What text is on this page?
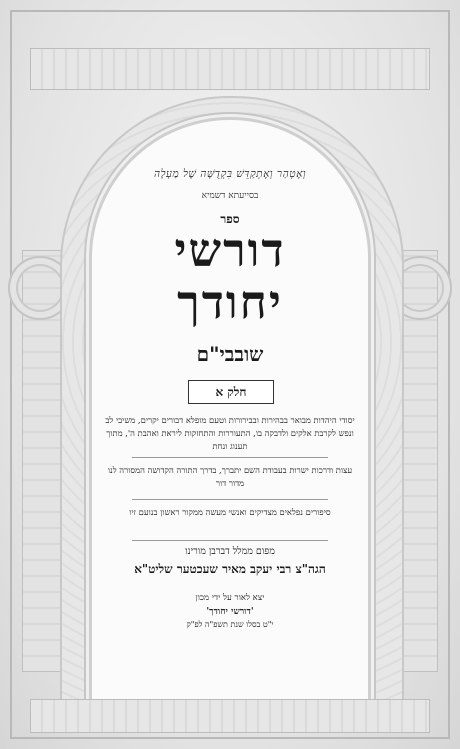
וְאֶטְהַר וְאֶתְקַדֵּשׁ בִּקְדֻשָּׁה שֶׁל מַעְלָה
בסייעתא דשמיא
ספר
דורשי
יחודך
שובבי"ם
חלק א
יסודי היהדות מבואר בבהירות ובבירורות וטעם מופלא דבורים יקרים, משיבי לב ונפש לקרבת אלקים ולדבקה בו, התעוררות והתחזקות ליראת ואהבת ה', מתוך תענוג ונחת
עצות ודרכות ישרות בעבודת השם יתברך, בדרך התורה הקדושה המסורה לנו מדור דור
סיפורים נפלאים מצדיקים ואנשי מעשה ממקור ראשון בנועם זיו
מפום ממלל דברבן מורינו
הגה"צ רבי יעקב מאיר שעכטער שליט"א
יצא לאור על ידי מכון
'דורשי יחודך'
י"ט בסלו שנת תשפ"ה לפ"ק
